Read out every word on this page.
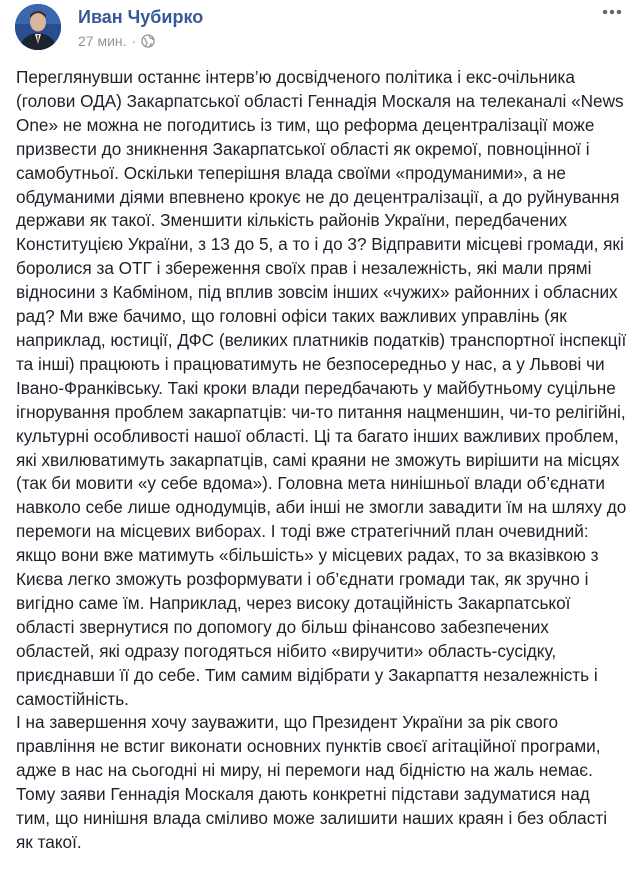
Иван Чубирко
27 мин. ·

Переглянувши останнє інтерв’ю досвідченого політика і екс-очільника (голови ОДА) Закарпатської області Геннадія Москаля на телеканалі «News One» не можна не погодитись із тим, що реформа децентралізації може призвести до зникнення Закарпатської області як окремої, повноцінної і самобутньої. Оскільки теперішня влада своїми «продуманими», а не обдуманими діями впевнено крокує не до децентралізації, а до руйнування держави як такої. Зменшити кількість районів України, передбачених Конституцією України, з 13 до 5, а то і до 3? Відправити місцеві громади, які боролися за ОТГ і збереження своїх прав і незалежність, які мали прямі відносини з Кабміном, під вплив зовсім інших «чужих» районних і обласних рад? Ми вже бачимо, що головні офіси таких важливих управлінь (як наприклад, юстиції, ДФС (великих платників податків) транспортної інспекції та інші) працюють і працюватимуть не безпосередньо у нас, а у Львові чи Івано-Франківську. Такі кроки влади передбачають у майбутньому суцільне ігнорування проблем закарпатців: чи-то питання нацменшин, чи-то релігійні, культурні особливості нашої області. Ці та багато інших важливих проблем, які хвилюватимуть закарпатців, самі краяни не зможуть вирішити на місцях (так би мовити «у себе вдома»). Головна мета нинішньої влади об’єднати навколо себе лише однодумців, аби інші не змогли завадити їм на шляху до перемоги на місцевих виборах. І тоді вже стратегічний план очевидний: якщо вони вже матимуть «більшість» у місцевих радах, то за вказівкою з Києва легко зможуть розформувати і об’єднати громади так, як зручно і вигідно саме їм. Наприклад, через високу дотаційність Закарпатської області звернутися по допомогу до більш фінансово забезпечених областей, які одразу погодяться нібито «виручити» область-сусідку, приєднавши її до себе. Тим самим відібрати у Закарпаття незалежність і самостійність.

І на завершення хочу зауважити, що Президент України за рік свого правління не встиг виконати основних пунктів своєї агітаційної програми, адже в нас на сьогодні ні миру, ні перемоги над бідністю на жаль немає. Тому заяви Геннадія Москаля дають конкретні підстави задуматися над тим, що нинішня влада сміливо може залишити наших краян і без області як такої.
